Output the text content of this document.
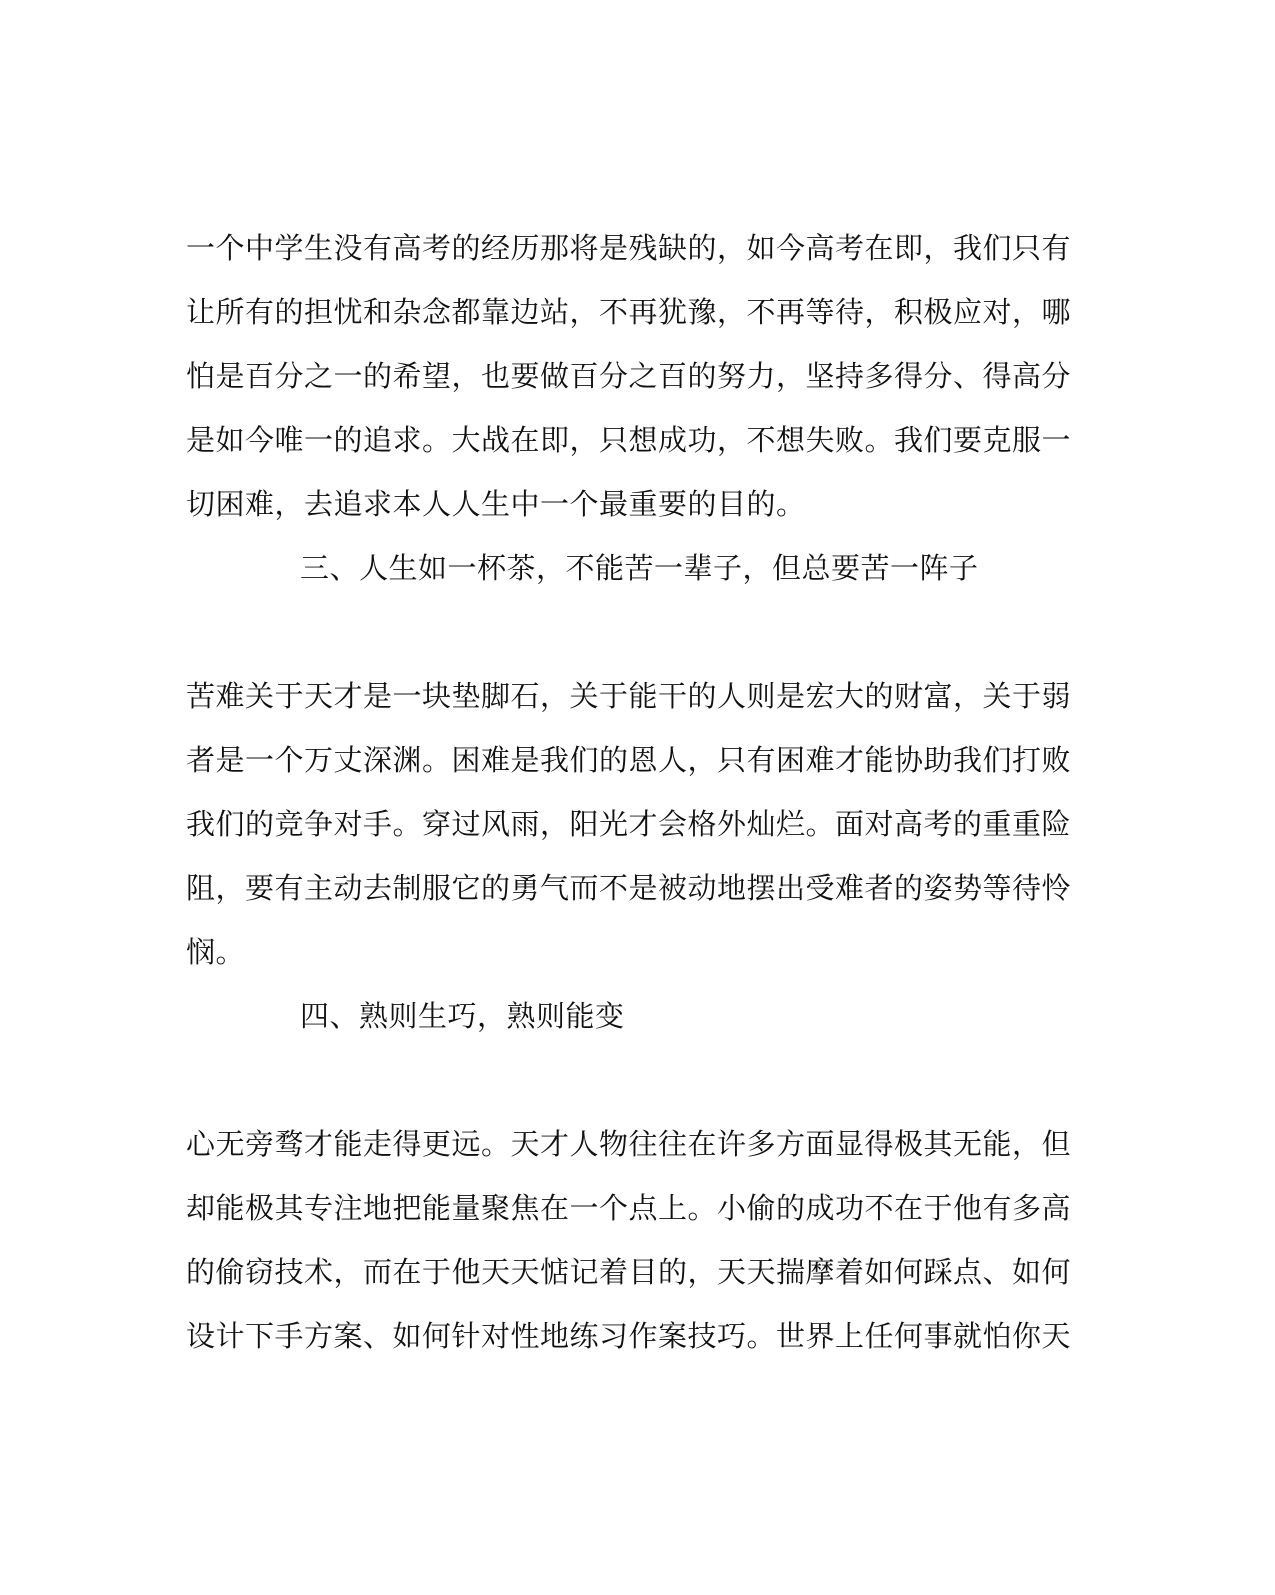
一个中学生没有高考的经历那将是残缺的，如今高考在即，我们只有
让所有的担忧和杂念都靠边站，不再犹豫，不再等待，积极应对，哪
怕是百分之一的希望，也要做百分之百的努力，坚持多得分、得高分
是如今唯一的追求。大战在即，只想成功，不想失败。我们要克服一
切困难，去追求本人人生中一个最重要的目的。
三、人生如一杯茶，不能苦一辈子，但总要苦一阵子
苦难关于天才是一块垫脚石，关于能干的人则是宏大的财富，关于弱
者是一个万丈深渊。困难是我们的恩人，只有困难才能协助我们打败
我们的竞争对手。穿过风雨，阳光才会格外灿烂。面对高考的重重险
阻，要有主动去制服它的勇气而不是被动地摆出受难者的姿势等待怜
悯。
四、熟则生巧，熟则能变
心无旁骛才能走得更远。天才人物往往在许多方面显得极其无能，但
却能极其专注地把能量聚焦在一个点上。小偷的成功不在于他有多高
的偷窃技术，而在于他天天惦记着目的，天天揣摩着如何踩点、如何
设计下手方案、如何针对性地练习作案技巧。世界上任何事就怕你天
